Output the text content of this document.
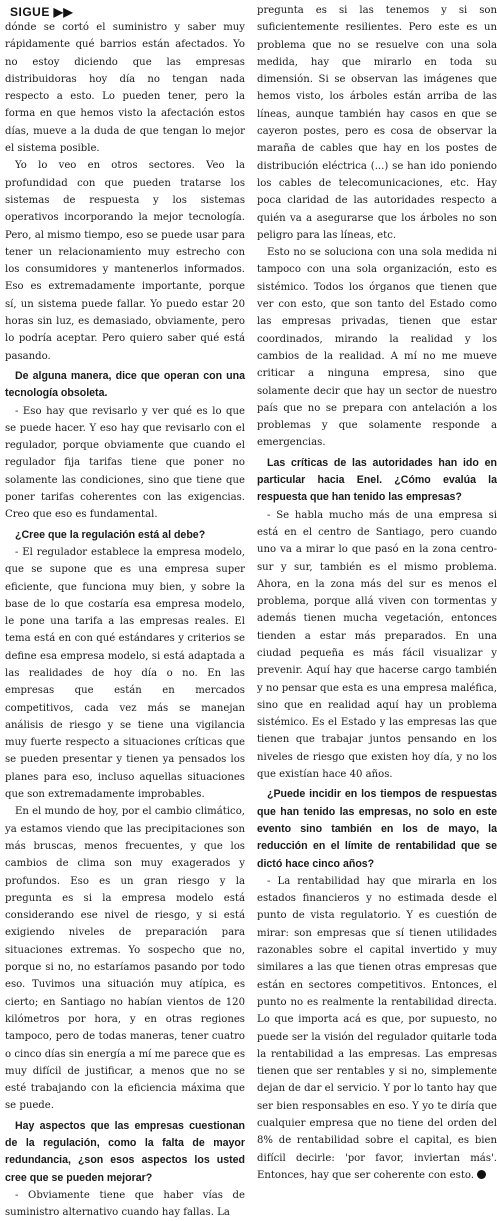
SIGUE ▶▶

dónde se cortó el suministro y saber muy rápidamente qué barrios están afectados. Yo no estoy diciendo que las empresas distribuidoras hoy día no tengan nada respecto a esto. Lo pueden tener, pero la forma en que hemos visto la afectación estos días, mueve a la duda de que tengan lo mejor el sistema posible.

Yo lo veo en otros sectores. Veo la profundidad con que pueden tratarse los sistemas de respuesta y los sistemas operativos incorporando la mejor tecnología. Pero, al mismo tiempo, eso se puede usar para tener un relacionamiento muy estrecho con los consumidores y mantenerlos informados. Eso es extremadamente importante, porque sí, un sistema puede fallar. Yo puedo estar 20 horas sin luz, es demasiado, obviamente, pero lo podría aceptar. Pero quiero saber qué está pasando.

De alguna manera, dice que operan con una tecnología obsoleta.

- Eso hay que revisarlo y ver qué es lo que se puede hacer. Y eso hay que revisarlo con el regulador, porque obviamente que cuando el regulador fija tarifas tiene que poner no solamente las condiciones, sino que tiene que poner tarifas coherentes con las exigencias. Creo que eso es fundamental.

¿Cree que la regulación está al debe?

- El regulador establece la empresa modelo, que se supone que es una empresa super eficiente, que funciona muy bien, y sobre la base de lo que costaría esa empresa modelo, le pone una tarifa a las empresas reales. El tema está en con qué estándares y criterios se define esa empresa modelo, si está adaptada a las realidades de hoy día o no. En las empresas que están en mercados competitivos, cada vez más se manejan análisis de riesgo y se tiene una vigilancia muy fuerte respecto a situaciones críticas que se pueden presentar y tienen ya pensados los planes para eso, incluso aquellas situaciones que son extremadamente improbables.

En el mundo de hoy, por el cambio climático, ya estamos viendo que las precipitaciones son más bruscas, menos frecuentes, y que los cambios de clima son muy exagerados y profundos. Eso es un gran riesgo y la pregunta es si la empresa modelo está considerando ese nivel de riesgo, y si está exigiendo niveles de preparación para situaciones extremas. Yo sospecho que no, porque si no, no estaríamos pasando por todo eso. Tuvimos una situación muy atípica, es cierto; en Santiago no habían vientos de 120 kilómetros por hora, y en otras regiones tampoco, pero de todas maneras, tener cuatro o cinco días sin energía a mí me parece que es muy difícil de justificar, a menos que no se esté trabajando con la eficiencia máxima que se puede.

Hay aspectos que las empresas cuestionan de la regulación, como la falta de mayor redundancia, ¿son esos aspectos los usted cree que se pueden mejorar?

- Obviamente tiene que haber vías de suministro alternativo cuando hay fallas. La

pregunta es si las tenemos y si son suficientemente resilientes. Pero este es un problema que no se resuelve con una sola medida, hay que mirarlo en toda su dimensión. Si se observan las imágenes que hemos visto, los árboles están arriba de las líneas, aunque también hay casos en que se cayeron postes, pero es cosa de observar la maraña de cables que hay en los postes de distribución eléctrica (...) se han ido poniendo los cables de telecomunicaciones, etc. Hay poca claridad de las autoridades respecto a quién va a asegurarse que los árboles no son peligro para las líneas, etc.

Esto no se soluciona con una sola medida ni tampoco con una sola organización, esto es sistémico. Todos los órganos que tienen que ver con esto, que son tanto del Estado como las empresas privadas, tienen que estar coordinados, mirando la realidad y los cambios de la realidad. A mí no me mueve criticar a ninguna empresa, sino que solamente decir que hay un sector de nuestro país que no se prepara con antelación a los problemas y que solamente responde a emergencias.

Las críticas de las autoridades han ido en particular hacia Enel. ¿Cómo evalúa la respuesta que han tenido las empresas?

- Se habla mucho más de una empresa si está en el centro de Santiago, pero cuando uno va a mirar lo que pasó en la zona centro-sur y sur, también es el mismo problema. Ahora, en la zona más del sur es menos el problema, porque allá viven con tormentas y además tienen mucha vegetación, entonces tienden a estar más preparados. En una ciudad pequeña es más fácil visualizar y prevenir. Aquí hay que hacerse cargo también y no pensar que esta es una empresa maléfica, sino que en realidad aquí hay un problema sistémico. Es el Estado y las empresas las que tienen que trabajar juntos pensando en los niveles de riesgo que existen hoy día, y no los que existían hace 40 años.

¿Puede incidir en los tiempos de respuestas que han tenido las empresas, no solo en este evento sino también en los de mayo, la reducción en el límite de rentabilidad que se dictó hace cinco años?

- La rentabilidad hay que mirarla en los estados financieros y no estimada desde el punto de vista regulatorio. Y es cuestión de mirar: son empresas que sí tienen utilidades razonables sobre el capital invertido y muy similares a las que tienen otras empresas que están en sectores competitivos. Entonces, el punto no es realmente la rentabilidad directa. Lo que importa acá es que, por supuesto, no puede ser la visión del regulador quitarle toda la rentabilidad a las empresas. Las empresas tienen que ser rentables y si no, simplemente dejan de dar el servicio. Y por lo tanto hay que ser bien responsables en eso. Y yo te diría que cualquier empresa que no tiene del orden del 8% de rentabilidad sobre el capital, es bien difícil decirle: 'por favor, inviertan más'. Entonces, hay que ser coherente con esto.
